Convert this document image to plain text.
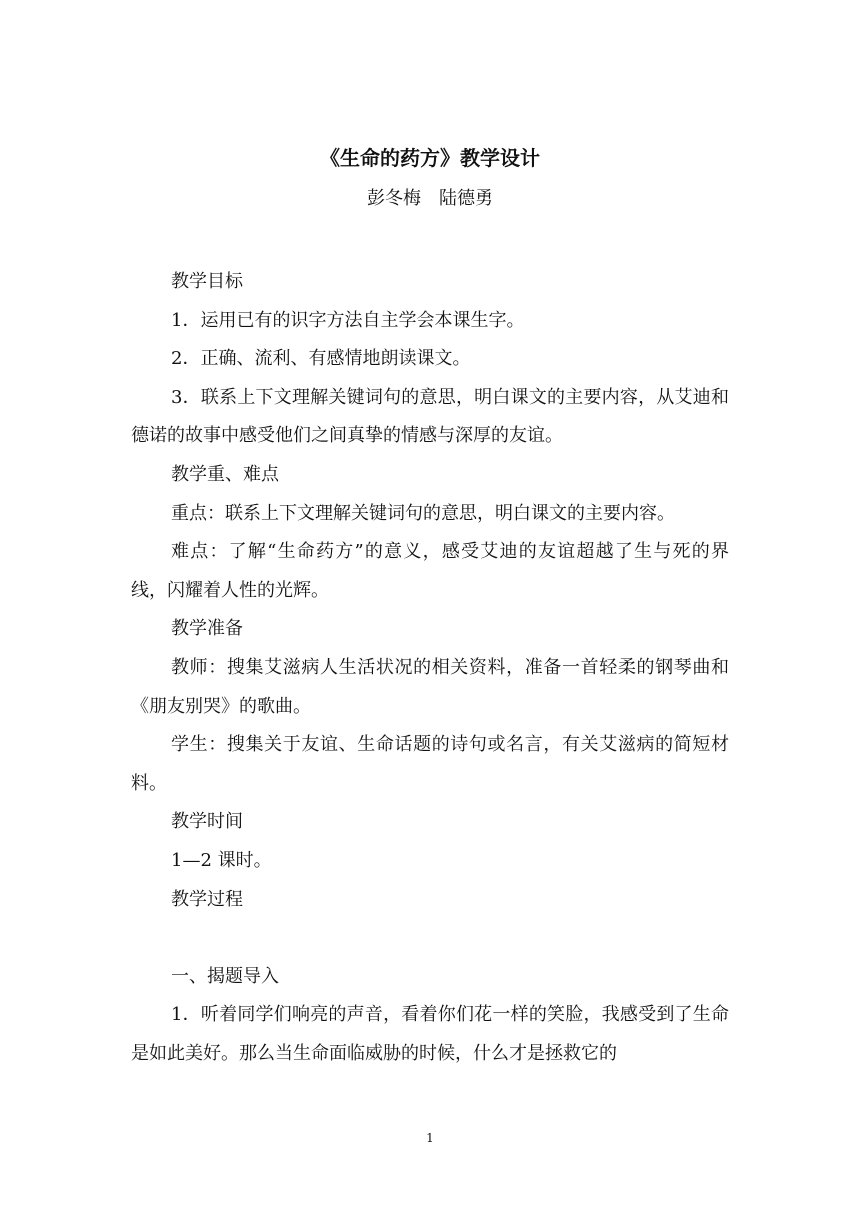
《生命的药方》教学设计
彭冬梅　陆德勇

教学目标

1．运用已有的识字方法自主学会本课生字。

2．正确、流利、有感情地朗读课文。

3．联系上下文理解关键词句的意思，明白课文的主要内容，从艾迪和德诺的故事中感受他们之间真挚的情感与深厚的友谊。

教学重、难点

重点：联系上下文理解关键词句的意思，明白课文的主要内容。

难点：了解“生命药方”的意义，感受艾迪的友谊超越了生与死的界线，闪耀着人性的光辉。

教学准备

教师：搜集艾滋病人生活状况的相关资料，准备一首轻柔的钢琴曲和《朋友别哭》的歌曲。

学生：搜集关于友谊、生命话题的诗句或名言，有关艾滋病的简短材料。

教学时间

1—2 课时。

教学过程

一、揭题导入

1．听着同学们响亮的声音，看着你们花一样的笑脸，我感受到了生命是如此美好。那么当生命面临威胁的时候，什么才是拯救它的

1
